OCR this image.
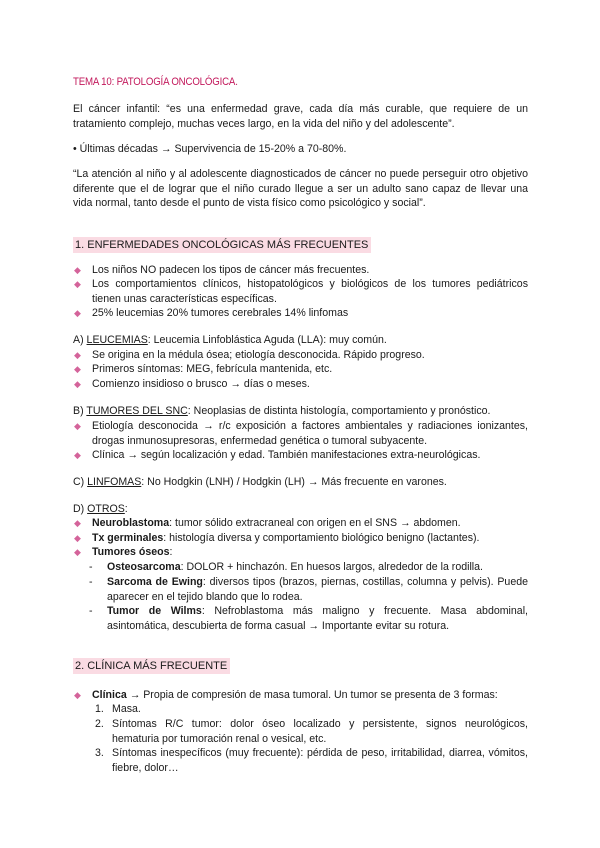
TEMA 10: PATOLOGÍA ONCOLÓGICA.
El cáncer infantil: “es una enfermedad grave, cada día más curable, que requiere de un tratamiento complejo, muchas veces largo, en la vida del niño y del adolescente”.
• Últimas décadas → Supervivencia de 15-20% a 70-80%.
“La atención al niño y al adolescente diagnosticados de cáncer no puede perseguir otro objetivo diferente que el de lograr que el niño curado llegue a ser un adulto sano capaz de llevar una vida normal, tanto desde el punto de vista físico como psicológico y social”.
1. ENFERMEDADES ONCOLÓGICAS MÁS FRECUENTES
◆ Los niños NO padecen los tipos de cáncer más frecuentes.
◆ Los comportamientos clínicos, histopatológicos y biológicos de los tumores pediátricos tienen unas características específicas.
◆ 25% leucemias 20% tumores cerebrales 14% linfomas
A) LEUCEMIAS: Leucemia Linfoblástica Aguda (LLA): muy común.
◆ Se origina en la médula ósea; etiología desconocida. Rápido progreso.
◆ Primeros síntomas: MEG, febrícula mantenida, etc.
◆ Comienzo insidioso o brusco → días o meses.
B) TUMORES DEL SNC: Neoplasias de distinta histología, comportamiento y pronóstico.
◆ Etiología desconocida → r/c exposición a factores ambientales y radiaciones ionizantes, drogas inmunosupresoras, enfermedad genética o tumoral subyacente.
◆ Clínica → según localización y edad. También manifestaciones extra-neurológicas.
C) LINFOMAS: No Hodgkin (LNH) / Hodgkin (LH) → Más frecuente en varones.
D) OTROS:
◆ Neuroblastoma: tumor sólido extracraneal con origen en el SNS → abdomen.
◆ Tx germinales: histología diversa y comportamiento biológico benigno (lactantes).
◆ Tumores óseos:
- Osteosarcoma: DOLOR + hinchazón. En huesos largos, alrededor de la rodilla.
- Sarcoma de Ewing: diversos tipos (brazos, piernas, costillas, columna y pelvis). Puede aparecer en el tejido blando que lo rodea.
- Tumor de Wilms: Nefroblastoma más maligno y frecuente. Masa abdominal, asintomática, descubierta de forma casual → Importante evitar su rotura.
2. CLÍNICA MÁS FRECUENTE
◆ Clínica → Propia de compresión de masa tumoral. Un tumor se presenta de 3 formas:
1. Masa.
2. Síntomas R/C tumor: dolor óseo localizado y persistente, signos neurológicos, hematuria por tumoración renal o vesical, etc.
3. Síntomas inespecíficos (muy frecuente): pérdida de peso, irritabilidad, diarrea, vómitos, fiebre, dolor…
